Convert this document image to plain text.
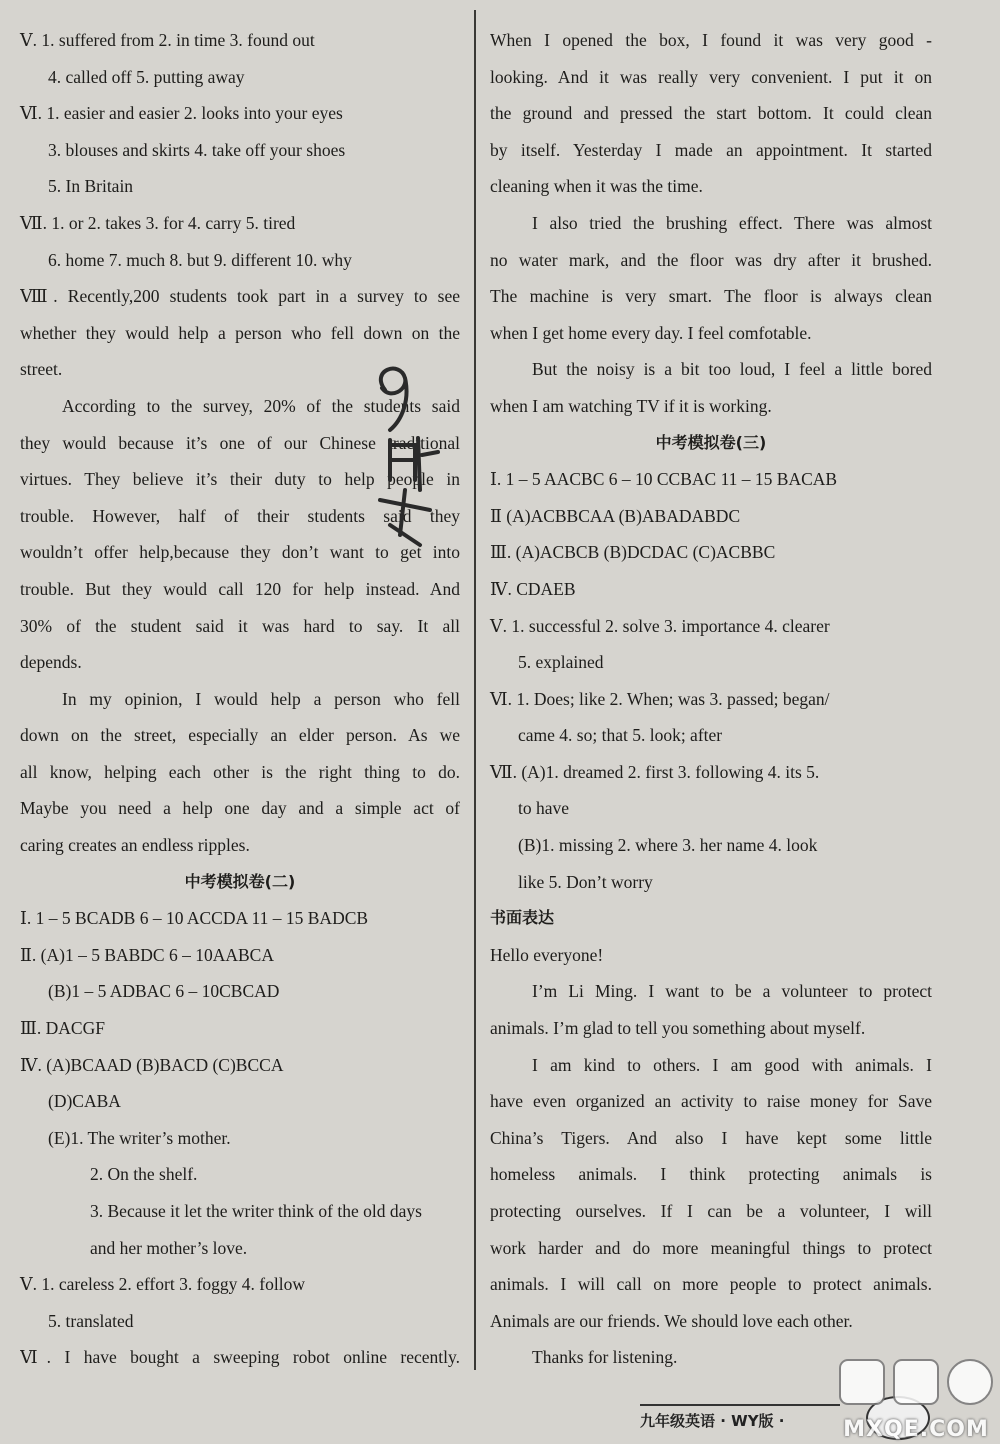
Ⅴ. 1. suffered from 2. in time 3. found out
4. called off 5. putting away
Ⅵ. 1. easier and easier 2. looks into your eyes
3. blouses and skirts 4. take off your shoes
5. In Britain
Ⅶ. 1. or 2. takes 3. for 4. carry 5. tired
6. home 7. much 8. but 9. different 10. why
Ⅷ. Recently,200 students took part in a survey to see
whether they would help a person who fell down on the
street.
According to the survey, 20% of the students said
they would because it’s one of our Chinese traditional
virtues. They believe it’s their duty to help people in
trouble. However, half of their students said they
wouldn’t offer help,because they don’t want to get into
trouble. But they would call 120 for help instead. And
30% of the student said it was hard to say. It all
depends.
In my opinion, I would help a person who fell
down on the street, especially an elder person. As we
all know, helping each other is the right thing to do.
Maybe you need a help one day and a simple act of
caring creates an endless ripples.
中考模拟卷(二)
Ⅰ. 1 – 5 BCADB 6 – 10 ACCDA 11 – 15 BADCB
Ⅱ. (A)1 – 5 BABDC 6 – 10AABCA
(B)1 – 5 ADBAC 6 – 10CBCAD
Ⅲ. DACGF
Ⅳ. (A)BCAAD (B)BACD (C)BCCA
(D)CABA
(E)1. The writer’s mother.
2. On the shelf.
3. Because it let the writer think of the old days
and her mother’s love.
Ⅴ. 1. careless 2. effort 3. foggy 4. follow
5. translated
Ⅵ. I have bought a sweeping robot online recently.
When I opened the box, I found it was very good -
looking. And it was really very convenient. I put it on
the ground and pressed the start bottom. It could clean
by itself. Yesterday I made an appointment. It started
cleaning when it was the time.
I also tried the brushing effect. There was almost
no water mark, and the floor was dry after it brushed.
The machine is very smart. The floor is always clean
when I get home every day. I feel comfotable.
But the noisy is a bit too loud, I feel a little bored
when I am watching TV if it is working.
中考模拟卷(三)
Ⅰ. 1 – 5 AACBC 6 – 10 CCBAC 11 – 15 BACAB
Ⅱ (A)ACBBCAA (B)ABADABDC
Ⅲ. (A)ACBCB (B)DCDAC (C)ACBBC
Ⅳ. CDAEB
Ⅴ. 1. successful 2. solve 3. importance 4. clearer
5. explained
Ⅵ. 1. Does; like 2. When; was 3. passed; began/
came 4. so; that 5. look; after
Ⅶ. (A)1. dreamed 2. first 3. following 4. its 5.
to have
(B)1. missing 2. where 3. her name 4. look
like 5. Don’t worry
书面表达
Hello everyone!
I’m Li Ming. I want to be a volunteer to protect
animals. I’m glad to tell you something about myself.
I am kind to others. I am good with animals. I
have even organized an activity to raise money for Save
China’s Tigers. And also I have kept some little
homeless animals. I think protecting animals is
protecting ourselves. If I can be a volunteer, I will
work harder and do more meaningful things to protect
animals. I will call on more people to protect animals.
Animals are our friends. We should love each other.
Thanks for listening.
九年级英语 · WY版 ·	MXQE.COM
